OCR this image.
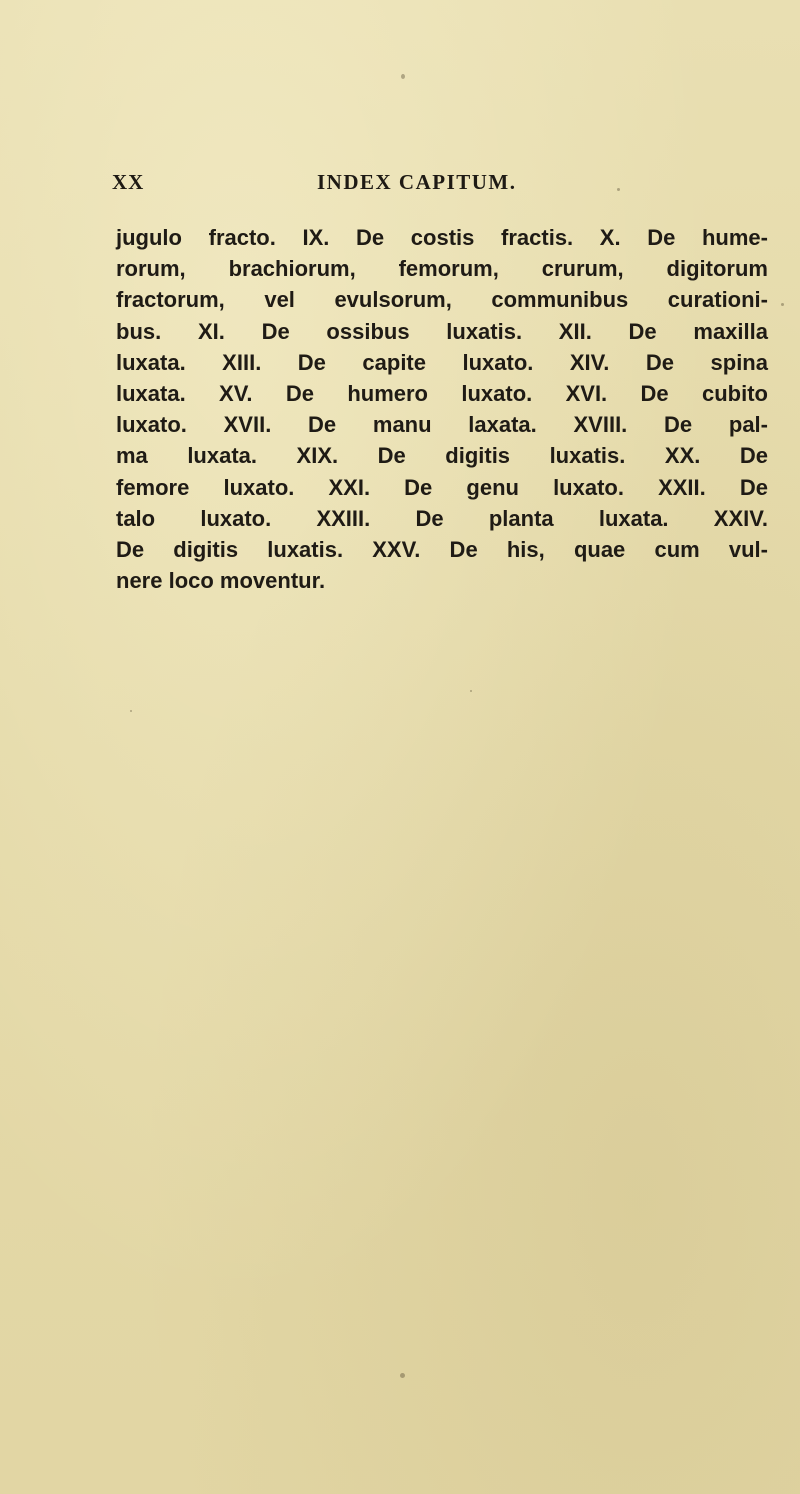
XX	INDEX CAPITUM.
jugulo fracto. IX. De costis fractis. X. De hume-
rorum, brachiorum, femorum, crurum, digitorum
fractorum, vel evulsorum, communibus curationi-
bus. XI. De ossibus luxatis. XII. De maxilla
luxata. XIII. De capite luxato. XIV. De spina
luxata. XV. De humero luxato. XVI. De cubito
luxato. XVII. De manu laxata. XVIII. De pal-
ma luxata. XIX. De digitis luxatis. XX. De
femore luxato. XXI. De genu luxato. XXII. De
talo luxato. XXIII. De planta luxata. XXIV.
De digitis luxatis. XXV. De his, quae cum vul-
nere loco moventur.
